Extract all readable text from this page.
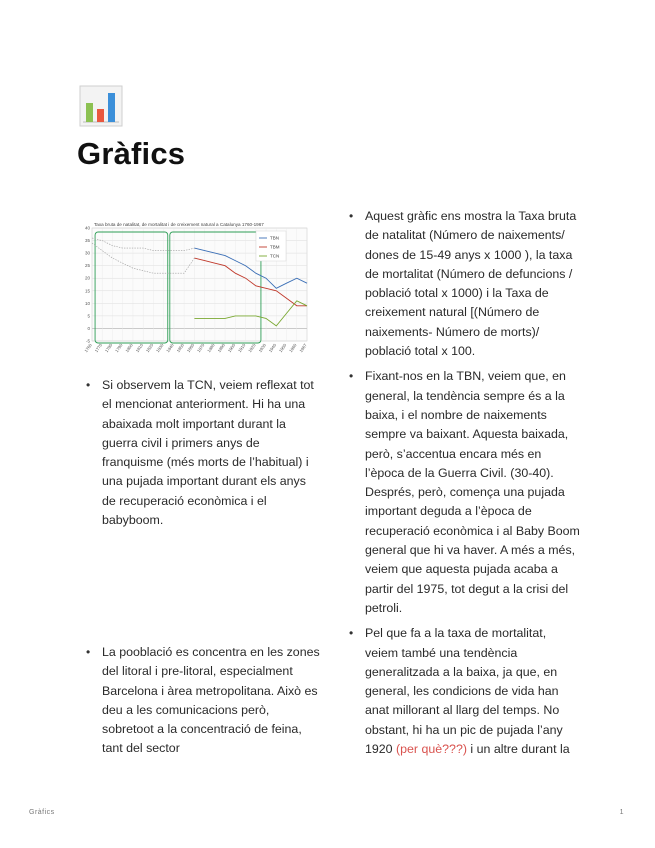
Gràfics
Taxa bruta de natalitat, de mortalitat i de creixement natural a Catalunya 1760-1967
40
35
30
25
20
15
10
5
0
-5
1760 1770 1780 1790 1800 1810 1820 1830 1840 1850 1860 1870 1880 1890 1900 1910 1920 1930 1940 1950 1960 1967
TBN
TBM
TCN
• Si observem la TCN, veiem reflexat tot el mencionat anteriorment. Hi ha una abaixada molt important durant la guerra civil i primers anys de franquisme (més morts de l’habitual) i una pujada important durant els anys de recuperació econòmica i el babyboom.
• La pooblació es concentra en les zones del litoral i pre-litoral, especialment Barcelona i àrea metropolitana. Això es deu a les comunicacions però, sobretoot a la concentració de feina, tant del sector
• Aquest gràfic ens mostra la Taxa bruta de natalitat (Número de naixements/ dones de 15-49 anys x 1000 ), la taxa de mortalitat (Número de defuncions / població total x 1000) i la Taxa de creixement natural [(Número de naixements- Número de morts)/ població total x 100.
• Fixant-nos en la TBN, veiem que, en general, la tendència sempre és a la baixa, i el nombre de naixements sempre va baixant. Aquesta baixada, però, s’accentua encara més en l’època de la Guerra Civil. (30-40). Després, però, comença una pujada important deguda a l’època de recuperació econòmica i al Baby Boom general que hi va haver. A més a més, veiem que aquesta pujada acaba a partir del 1975, tot degut a la crisi del petroli.
• Pel que fa a la taxa de mortalitat, veiem també una tendència generalitzada a la baixa, ja que, en general, les condicions de vida han anat millorant al llarg del temps. No obstant, hi ha un pic de pujada l’any 1920 (per què???) i un altre durant la
Gràfics	1
